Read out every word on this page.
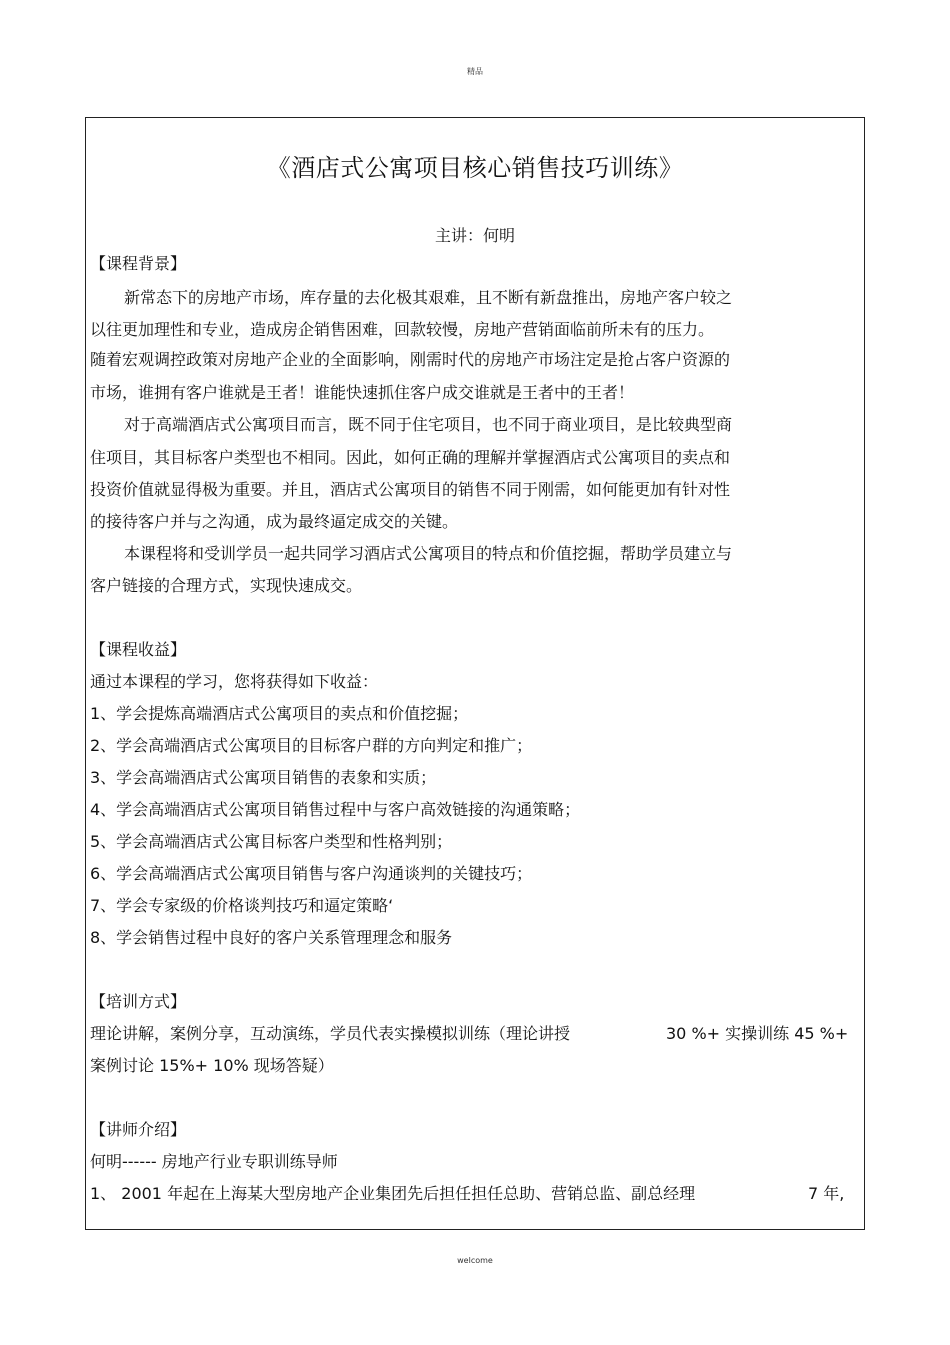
精品
《酒店式公寓项目核心销售技巧训练》
主讲：何明
【课程背景】
新常态下的房地产市场，库存量的去化极其艰难，且不断有新盘推出，房地产客户较之
以往更加理性和专业，造成房企销售困难，回款较慢，房地产营销面临前所未有的压力。
随着宏观调控政策对房地产企业的全面影响，刚需时代的房地产市场注定是抢占客户资源的
市场，谁拥有客户谁就是王者！谁能快速抓住客户成交谁就是王者中的王者！
对于高端酒店式公寓项目而言，既不同于住宅项目，也不同于商业项目，是比较典型商
住项目，其目标客户类型也不相同。因此，如何正确的理解并掌握酒店式公寓项目的卖点和
投资价值就显得极为重要。并且，酒店式公寓项目的销售不同于刚需，如何能更加有针对性
的接待客户并与之沟通，成为最终逼定成交的关键。
本课程将和受训学员一起共同学习酒店式公寓项目的特点和价值挖掘，帮助学员建立与
客户链接的合理方式，实现快速成交。
【课程收益】
通过本课程的学习，您将获得如下收益：
1、学会提炼高端酒店式公寓项目的卖点和价值挖掘；
2、学会高端酒店式公寓项目的目标客户群的方向判定和推广；
3、学会高端酒店式公寓项目销售的表象和实质；
4、学会高端酒店式公寓项目销售过程中与客户高效链接的沟通策略；
5、学会高端酒店式公寓目标客户类型和性格判别；
6、学会高端酒店式公寓项目销售与客户沟通谈判的关键技巧；
7、学会专家级的价格谈判技巧和逼定策略‘
8、学会销售过程中良好的客户关系管理理念和服务
【培训方式】
理论讲解，案例分享，互动演练，学员代表实操模拟训练（理论讲授	30 %+ 实操训练 45 %+
案例讨论 15%+ 10% 现场答疑）
【讲师介绍】
何明------ 房地产行业专职训练导师
1、 2001 年起在上海某大型房地产企业集团先后担任担任总助、营销总监、副总经理	7 年,
welcome
